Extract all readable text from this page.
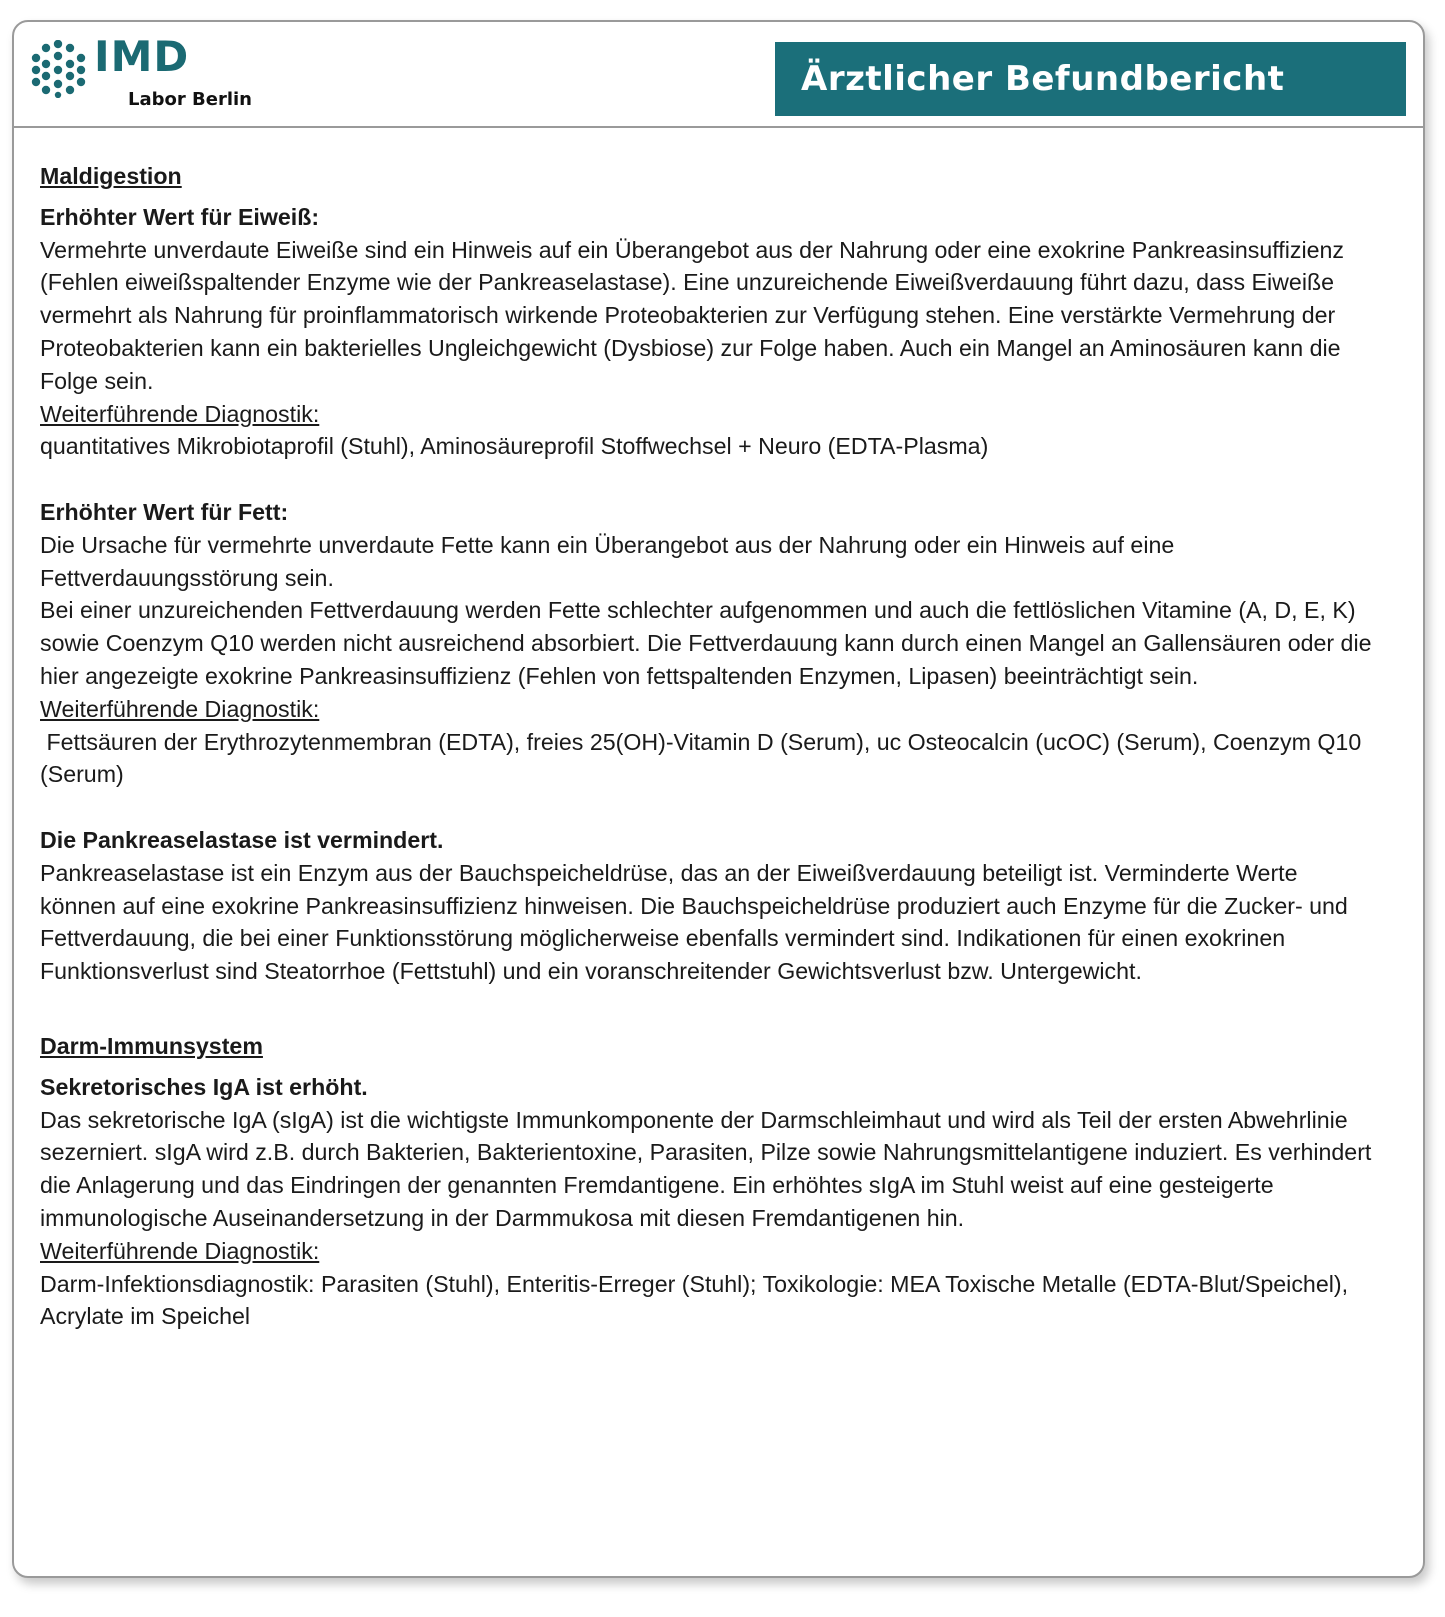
IMD
Labor Berlin
Ärztlicher Befundbericht
Maldigestion

Erhöhter Wert für Eiweiß:

Vermehrte unverdaute Eiweiße sind ein Hinweis auf ein Überangebot aus der Nahrung oder eine exokrine Pankreasinsuffizienz (Fehlen eiweißspaltender Enzyme wie der Pankreaselastase). Eine unzureichende Eiweißverdauung führt dazu, dass Eiweiße vermehrt als Nahrung für proinflammatorisch wirkende Proteobakterien zur Verfügung stehen. Eine verstärkte Vermehrung der Proteobakterien kann ein bakterielles Ungleichgewicht (Dysbiose) zur Folge haben. Auch ein Mangel an Aminosäuren kann die Folge sein.

Weiterführende Diagnostik:

quantitatives Mikrobiotaprofil (Stuhl), Aminosäureprofil Stoffwechsel + Neuro (EDTA-Plasma)

Erhöhter Wert für Fett:

Die Ursache für vermehrte unverdaute Fette kann ein Überangebot aus der Nahrung oder ein Hinweis auf eine Fettverdauungsstörung sein.

Bei einer unzureichenden Fettverdauung werden Fette schlechter aufgenommen und auch die fettlöslichen Vitamine (A, D, E, K) sowie Coenzym Q10 werden nicht ausreichend absorbiert. Die Fettverdauung kann durch einen Mangel an Gallensäuren oder die hier angezeigte exokrine Pankreasinsuffizienz (Fehlen von fettspaltenden Enzymen, Lipasen) beeinträchtigt sein.

Weiterführende Diagnostik:

Fettsäuren der Erythrozytenmembran (EDTA), freies 25(OH)-Vitamin D (Serum), uc Osteocalcin (ucOC) (Serum), Coenzym Q10 (Serum)

Die Pankreaselastase ist vermindert.

Pankreaselastase ist ein Enzym aus der Bauchspeicheldrüse, das an der Eiweißverdauung beteiligt ist. Verminderte Werte können auf eine exokrine Pankreasinsuffizienz hinweisen. Die Bauchspeicheldrüse produziert auch Enzyme für die Zucker- und Fettverdauung, die bei einer Funktionsstörung möglicherweise ebenfalls vermindert sind. Indikationen für einen exokrinen Funktionsverlust sind Steatorrhoe (Fettstuhl) und ein voranschreitender Gewichtsverlust bzw. Untergewicht.

Darm-Immunsystem

Sekretorisches IgA ist erhöht.

Das sekretorische IgA (sIgA) ist die wichtigste Immunkomponente der Darmschleimhaut und wird als Teil der ersten Abwehrlinie sezerniert. sIgA wird z.B. durch Bakterien, Bakterientoxine, Parasiten, Pilze sowie Nahrungsmittelantigene induziert. Es verhindert die Anlagerung und das Eindringen der genannten Fremdantigene. Ein erhöhtes sIgA im Stuhl weist auf eine gesteigerte immunologische Auseinandersetzung in der Darmmukosa mit diesen Fremdantigenen hin.

Weiterführende Diagnostik:

Darm-Infektionsdiagnostik: Parasiten (Stuhl), Enteritis-Erreger (Stuhl); Toxikologie: MEA Toxische Metalle (EDTA-Blut/Speichel), Acrylate im Speichel
